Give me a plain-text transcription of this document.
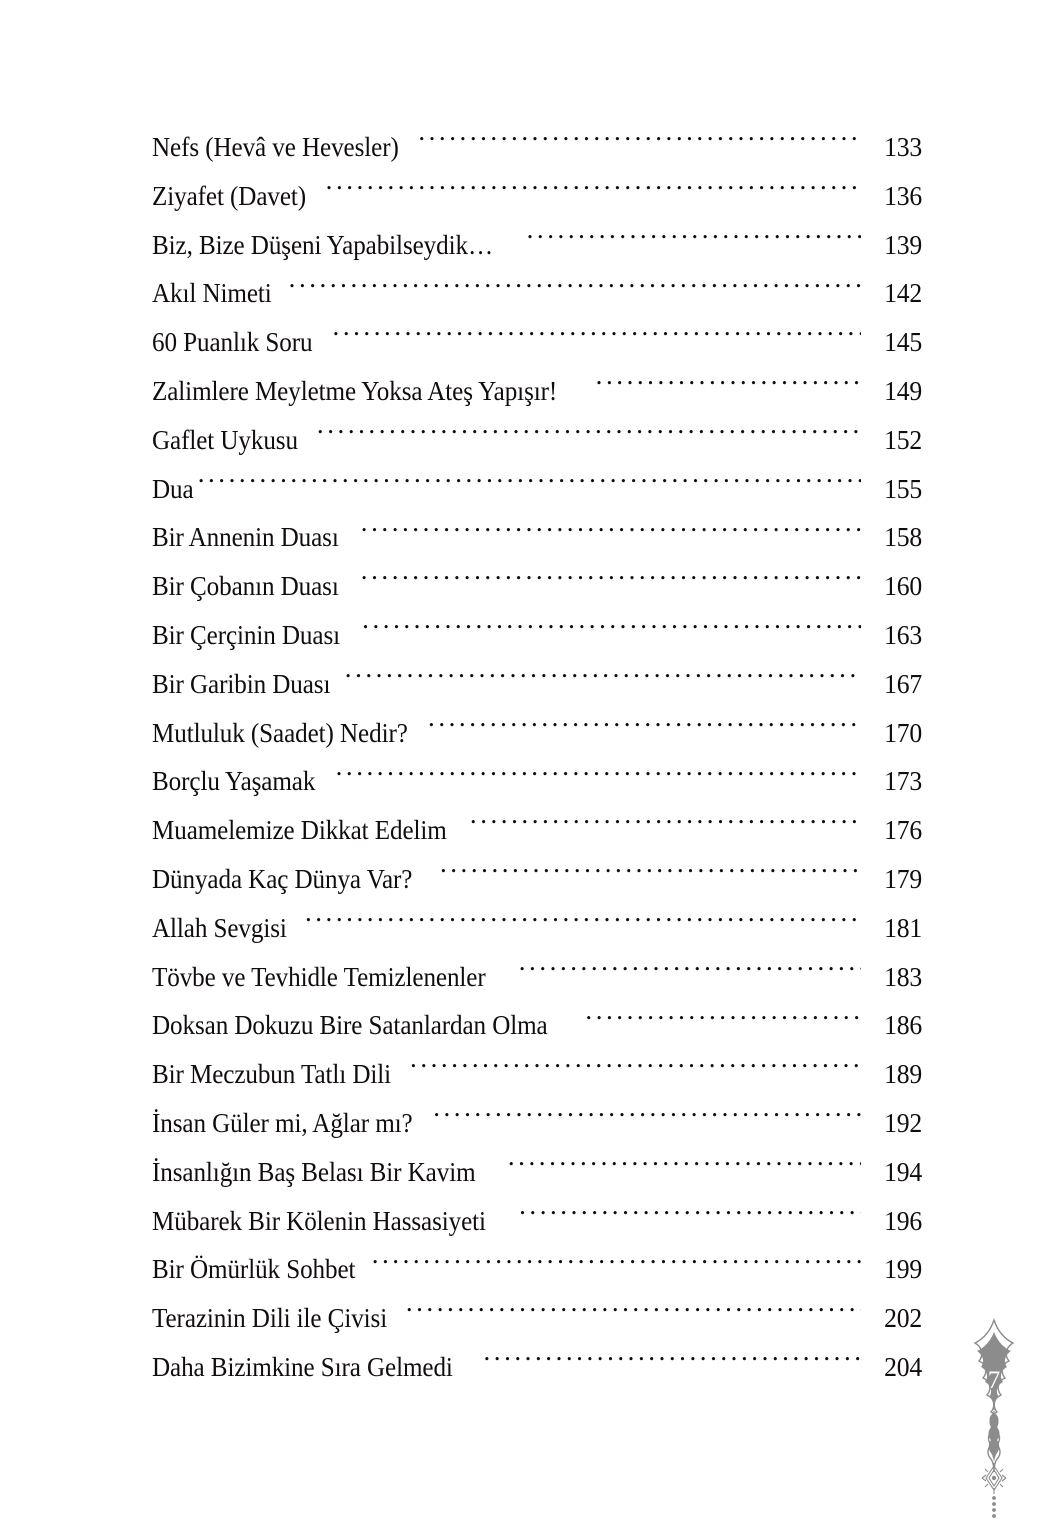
Nefs (Hevâ ve Hevesler) . . .	133
Ziyafet (Davet) . . .	136
Biz, Bize Düşeni Yapabilseydik… . . .	139
Akıl Nimeti . . .	142
60 Puanlık Soru . . .	145
Zalimlere Meyletme Yoksa Ateş Yapışır! . . .	149
Gaflet Uykusu . . .	152
Dua . . .	155
Bir Annenin Duası . . .	158
Bir Çobanın Duası . . .	160
Bir Çerçinin Duası . . .	163
Bir Garibin Duası . . .	167
Mutluluk (Saadet) Nedir? . . .	170
Borçlu Yaşamak . . .	173
Muamelemize Dikkat Edelim . . .	176
Dünyada Kaç Dünya Var? . . .	179
Allah Sevgisi . . .	181
Tövbe ve Tevhidle Temizlenenler . . .	183
Doksan Dokuzu Bire Satanlardan Olma . . .	186
Bir Meczubun Tatlı Dili . . .	189
İnsan Güler mi, Ağlar mı? . . .	192
İnsanlığın Baş Belası Bir Kavim . . .	194
Mübarek Bir Kölenin Hassasiyeti . . .	196
Bir Ömürlük Sohbet . . .	199
Terazinin Dili ile Çivisi . . .	202
Daha Bizimkine Sıra Gelmedi . . .	204	7
